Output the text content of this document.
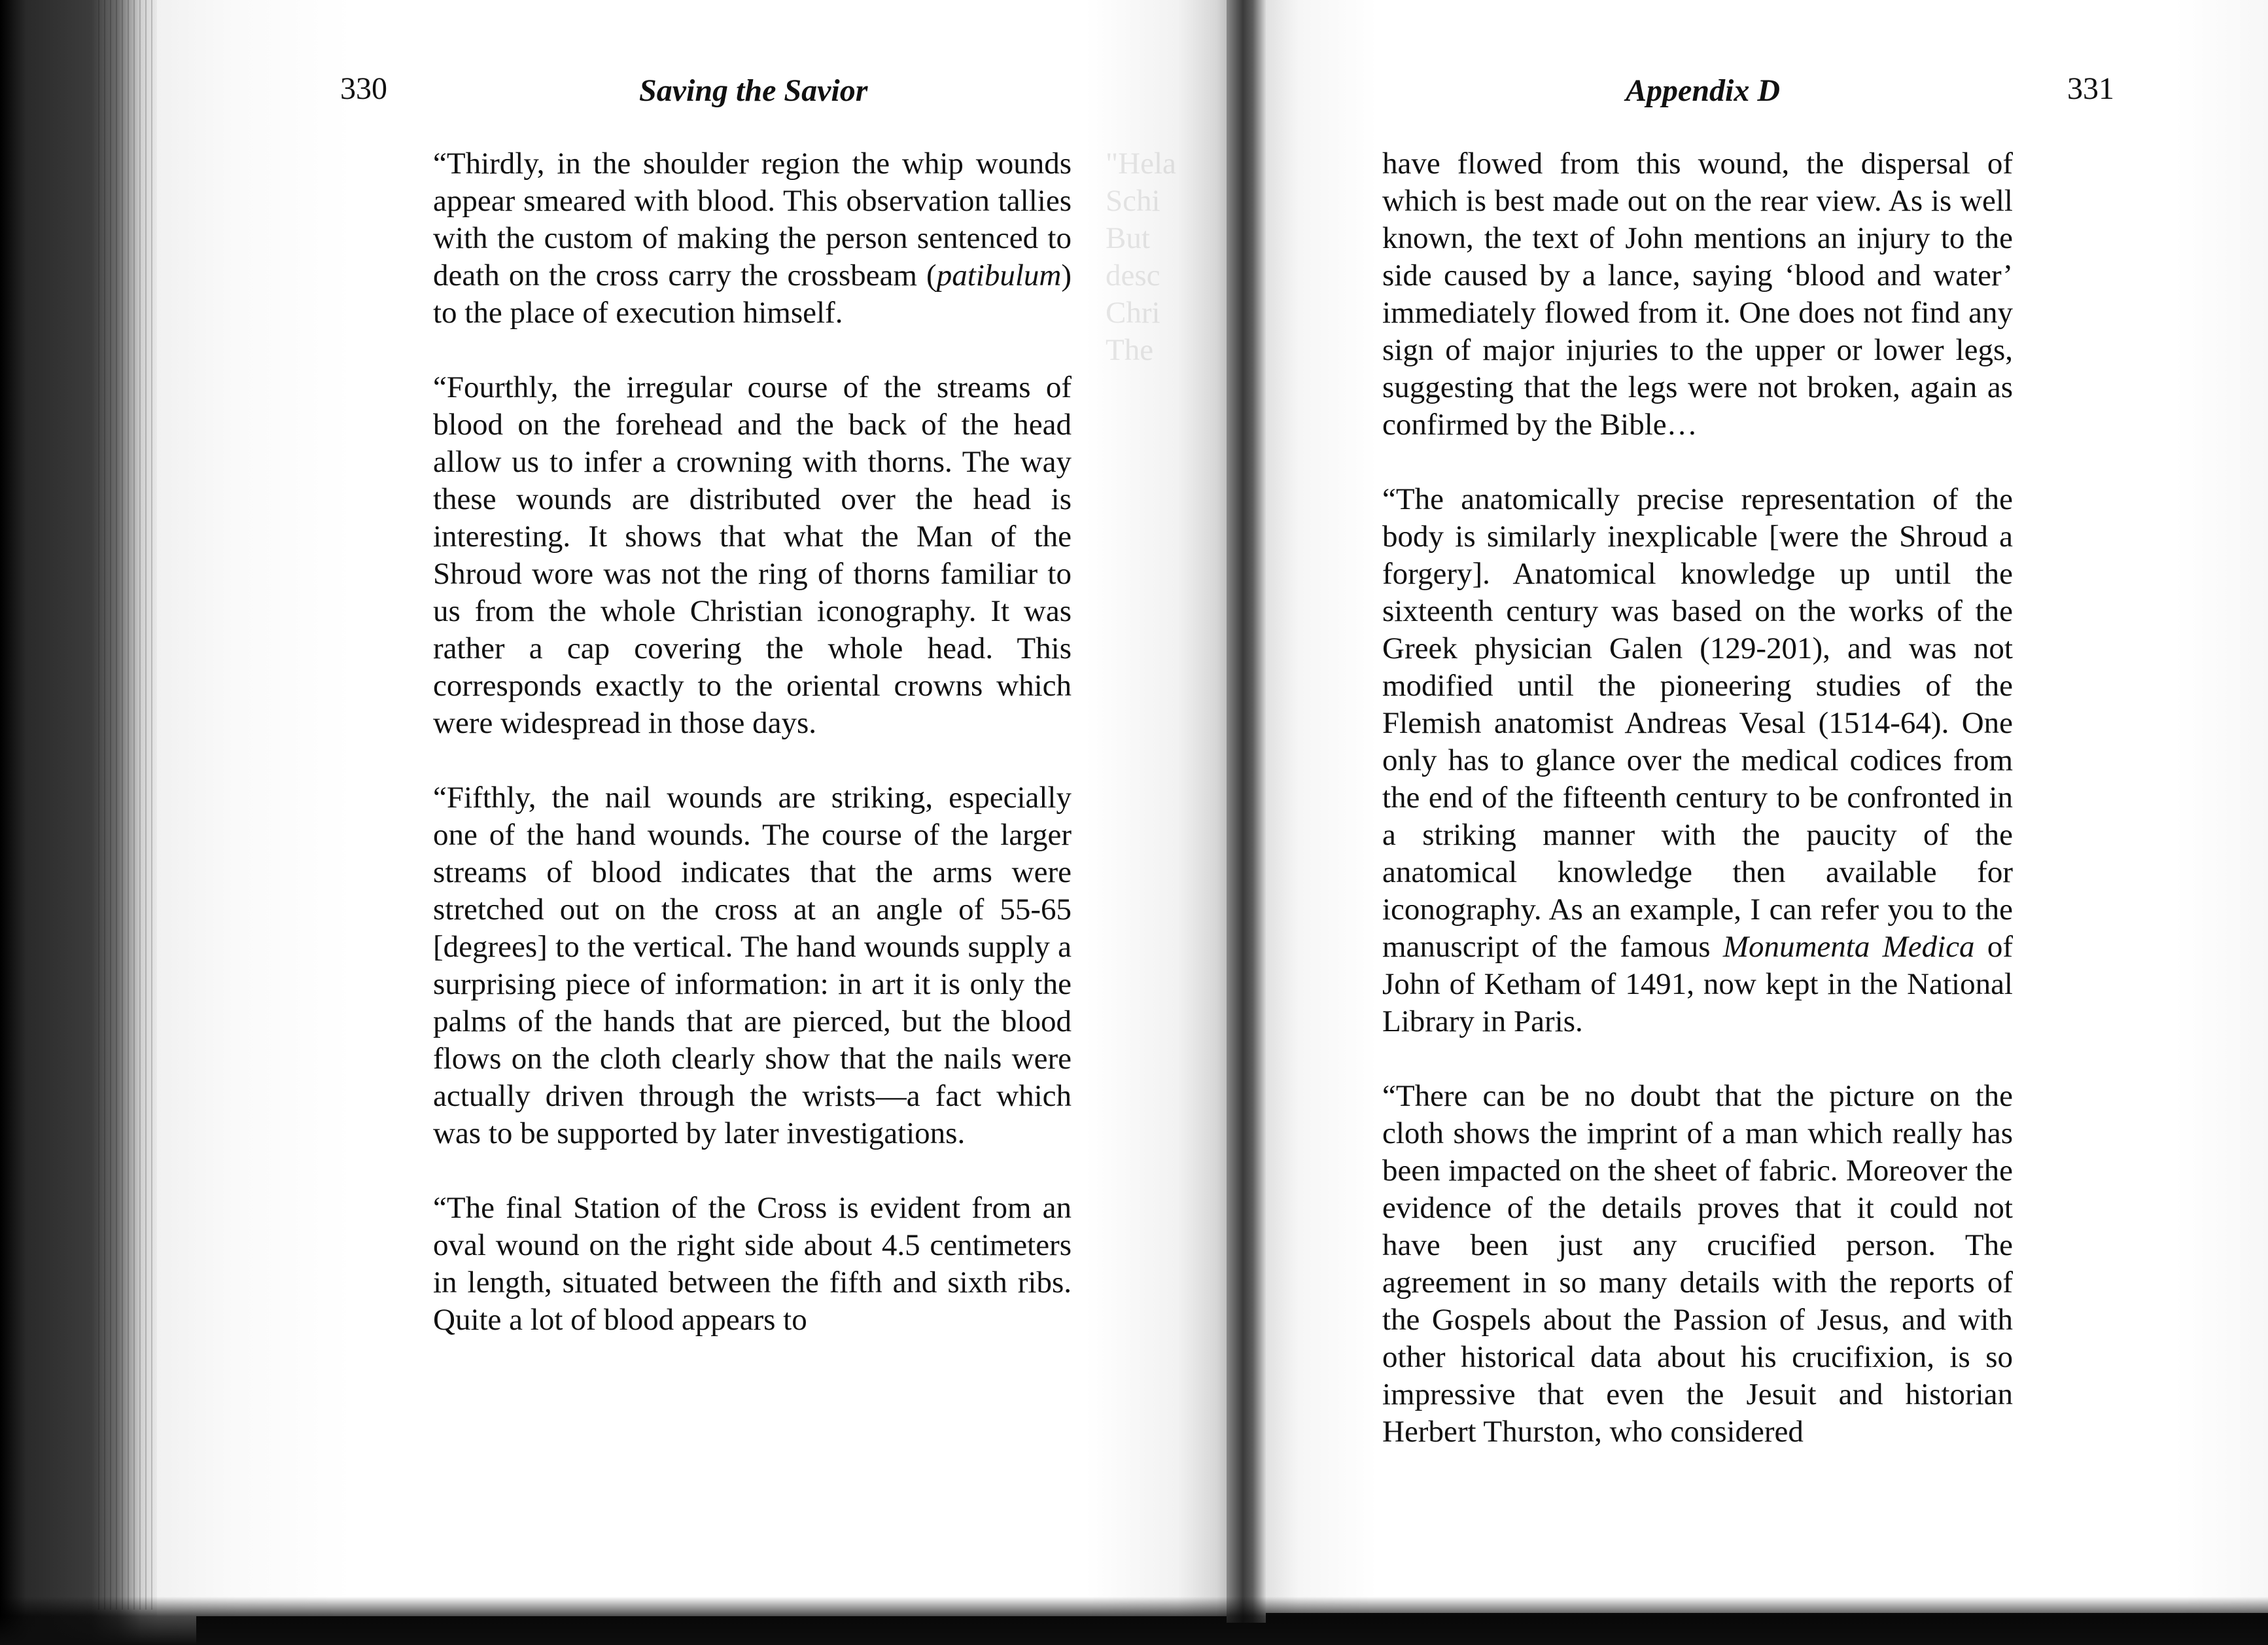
"Hela
Schi
But
desc
Chri
The
330	Saving the Savior	Appendix D	331

“Thirdly, in the shoulder region the whip wounds appear smeared with blood. This observation tallies with the custom of making the person sentenced to death on the cross carry the crossbeam (patibulum) to the place of execution himself.

“Fourthly, the irregular course of the streams of blood on the forehead and the back of the head allow us to infer a crowning with thorns. The way these wounds are distributed over the head is interesting. It shows that what the Man of the Shroud wore was not the ring of thorns familiar to us from the whole Christian iconography. It was rather a cap covering the whole head. This corresponds exactly to the oriental crowns which were widespread in those days.

“Fifthly, the nail wounds are striking, especially one of the hand wounds. The course of the larger streams of blood indicates that the arms were stretched out on the cross at an angle of 55-65 [degrees] to the vertical. The hand wounds supply a surprising piece of information: in art it is only the palms of the hands that are pierced, but the blood flows on the cloth clearly show that the nails were actually driven through the wrists—a fact which was to be supported by later investigations.

“The final Station of the Cross is evident from an oval wound on the right side about 4.5 centimeters in length, situated between the fifth and sixth ribs. Quite a lot of blood appears to

have flowed from this wound, the dispersal of which is best made out on the rear view. As is well known, the text of John mentions an injury to the side caused by a lance, saying ‘blood and water’ immediately flowed from it. One does not find any sign of major injuries to the upper or lower legs, suggesting that the legs were not broken, again as confirmed by the Bible…

“The anatomically precise representation of the body is similarly inexplicable [were the Shroud a forgery]. Anatomical knowledge up until the sixteenth century was based on the works of the Greek physician Galen (129-201), and was not modified until the pioneering studies of the Flemish anatomist Andreas Vesal (1514-64). One only has to glance over the medical codices from the end of the fifteenth century to be confronted in a striking manner with the paucity of the anatomical knowledge then available for iconography. As an example, I can refer you to the manuscript of the famous Monumenta Medica of John of Ketham of 1491, now kept in the National Library in Paris.

“There can be no doubt that the picture on the cloth shows the imprint of a man which really has been impacted on the sheet of fabric. Moreover the evidence of the details proves that it could not have been just any crucified person. The agreement in so many details with the reports of the Gospels about the Passion of Jesus, and with other historical data about his crucifixion, is so impressive that even the Jesuit and historian Herbert Thurston, who considered
